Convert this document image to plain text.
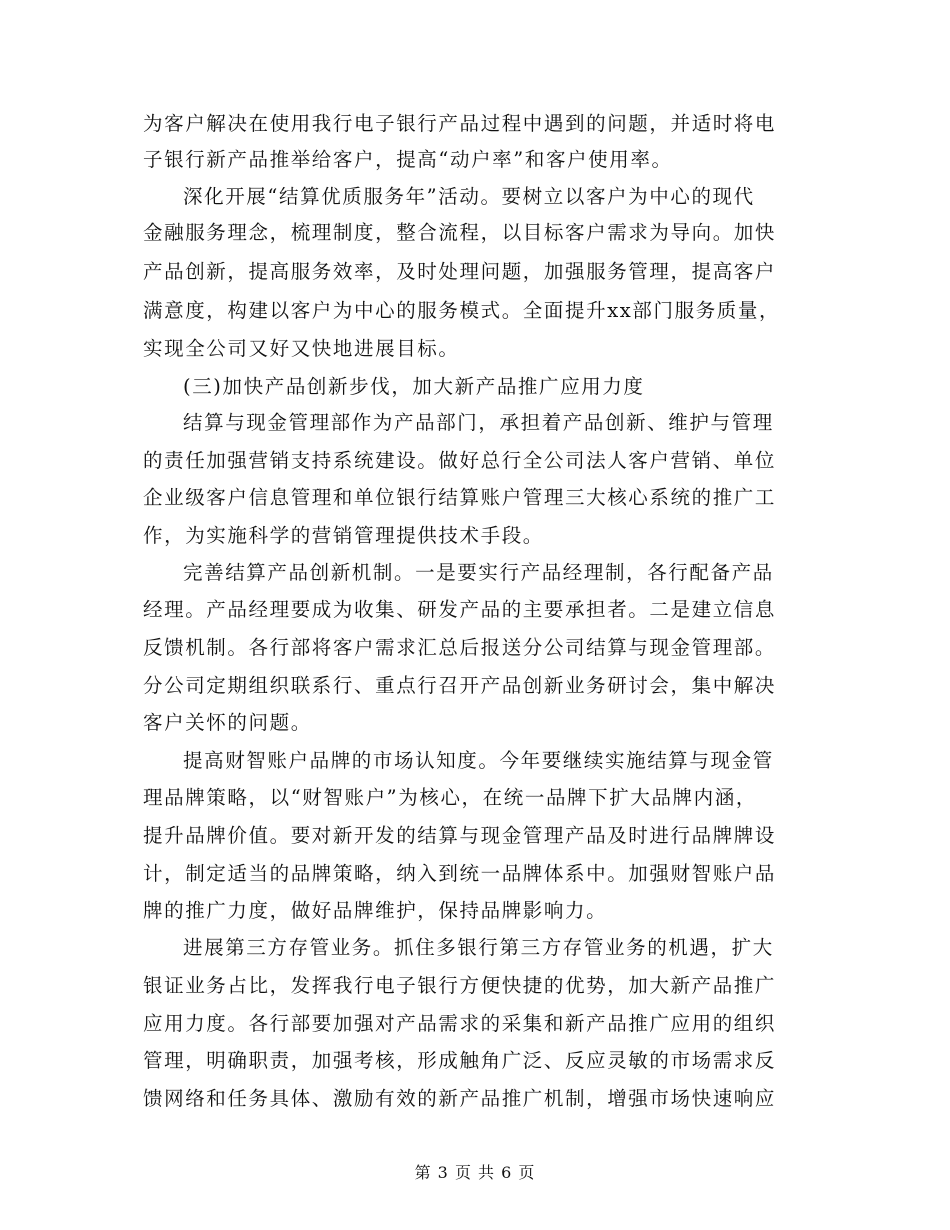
为客户解决在使用我行电子银行产品过程中遇到的问题，并适时将电
子银行新产品推举给客户，提高“动户率”和客户使用率。
深化开展“结算优质服务年”活动。要树立以客户为中心的现代
金融服务理念，梳理制度，整合流程，以目标客户需求为导向。加快
产品创新，提高服务效率，及时处理问题，加强服务管理，提高客户
满意度，构建以客户为中心的服务模式。全面提升xx部门服务质量，
实现全公司又好又快地进展目标。
(三)加快产品创新步伐，加大新产品推广应用力度
结算与现金管理部作为产品部门，承担着产品创新、维护与管理
的责任加强营销支持系统建设。做好总行全公司法人客户营销、单位
企业级客户信息管理和单位银行结算账户管理三大核心系统的推广工
作，为实施科学的营销管理提供技术手段。
完善结算产品创新机制。一是要实行产品经理制，各行配备产品
经理。产品经理要成为收集、研发产品的主要承担者。二是建立信息
反馈机制。各行部将客户需求汇总后报送分公司结算与现金管理部。
分公司定期组织联系行、重点行召开产品创新业务研讨会，集中解决
客户关怀的问题。
提高财智账户品牌的市场认知度。今年要继续实施结算与现金管
理品牌策略，以“财智账户”为核心，在统一品牌下扩大品牌内涵，
提升品牌价值。要对新开发的结算与现金管理产品及时进行品牌牌设
计，制定适当的品牌策略，纳入到统一品牌体系中。加强财智账户品
牌的推广力度，做好品牌维护，保持品牌影响力。
进展第三方存管业务。抓住多银行第三方存管业务的机遇，扩大
银证业务占比，发挥我行电子银行方便快捷的优势，加大新产品推广
应用力度。各行部要加强对产品需求的采集和新产品推广应用的组织
管理，明确职责，加强考核，形成触角广泛、反应灵敏的市场需求反
馈网络和任务具体、激励有效的新产品推广机制，增强市场快速响应
第 3 页 共 6 页
